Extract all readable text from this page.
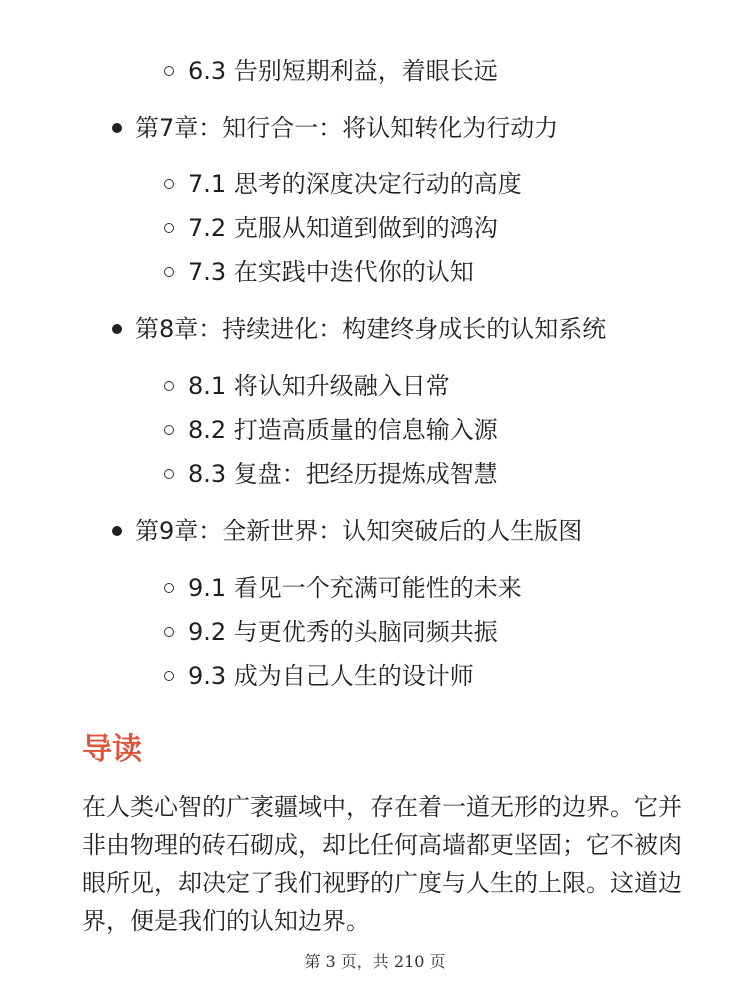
6.3 告别短期利益，着眼长远
第7章：知行合一：将认知转化为行动力
7.1 思考的深度决定行动的高度
7.2 克服从知道到做到的鸿沟
7.3 在实践中迭代你的认知
第8章：持续进化：构建终身成长的认知系统
8.1 将认知升级融入日常
8.2 打造高质量的信息输入源
8.3 复盘：把经历提炼成智慧
第9章：全新世界：认知突破后的人生版图
9.1 看见一个充满可能性的未来
9.2 与更优秀的头脑同频共振
9.3 成为自己人生的设计师
导读
在人类心智的广袤疆域中，存在着一道无形的边界。它并非由物理的砖石砌成，却比任何高墙都更坚固；它不被肉眼所见，却决定了我们视野的广度与人生的上限。这道边界，便是我们的认知边界。
第 3 页，共 210 页
